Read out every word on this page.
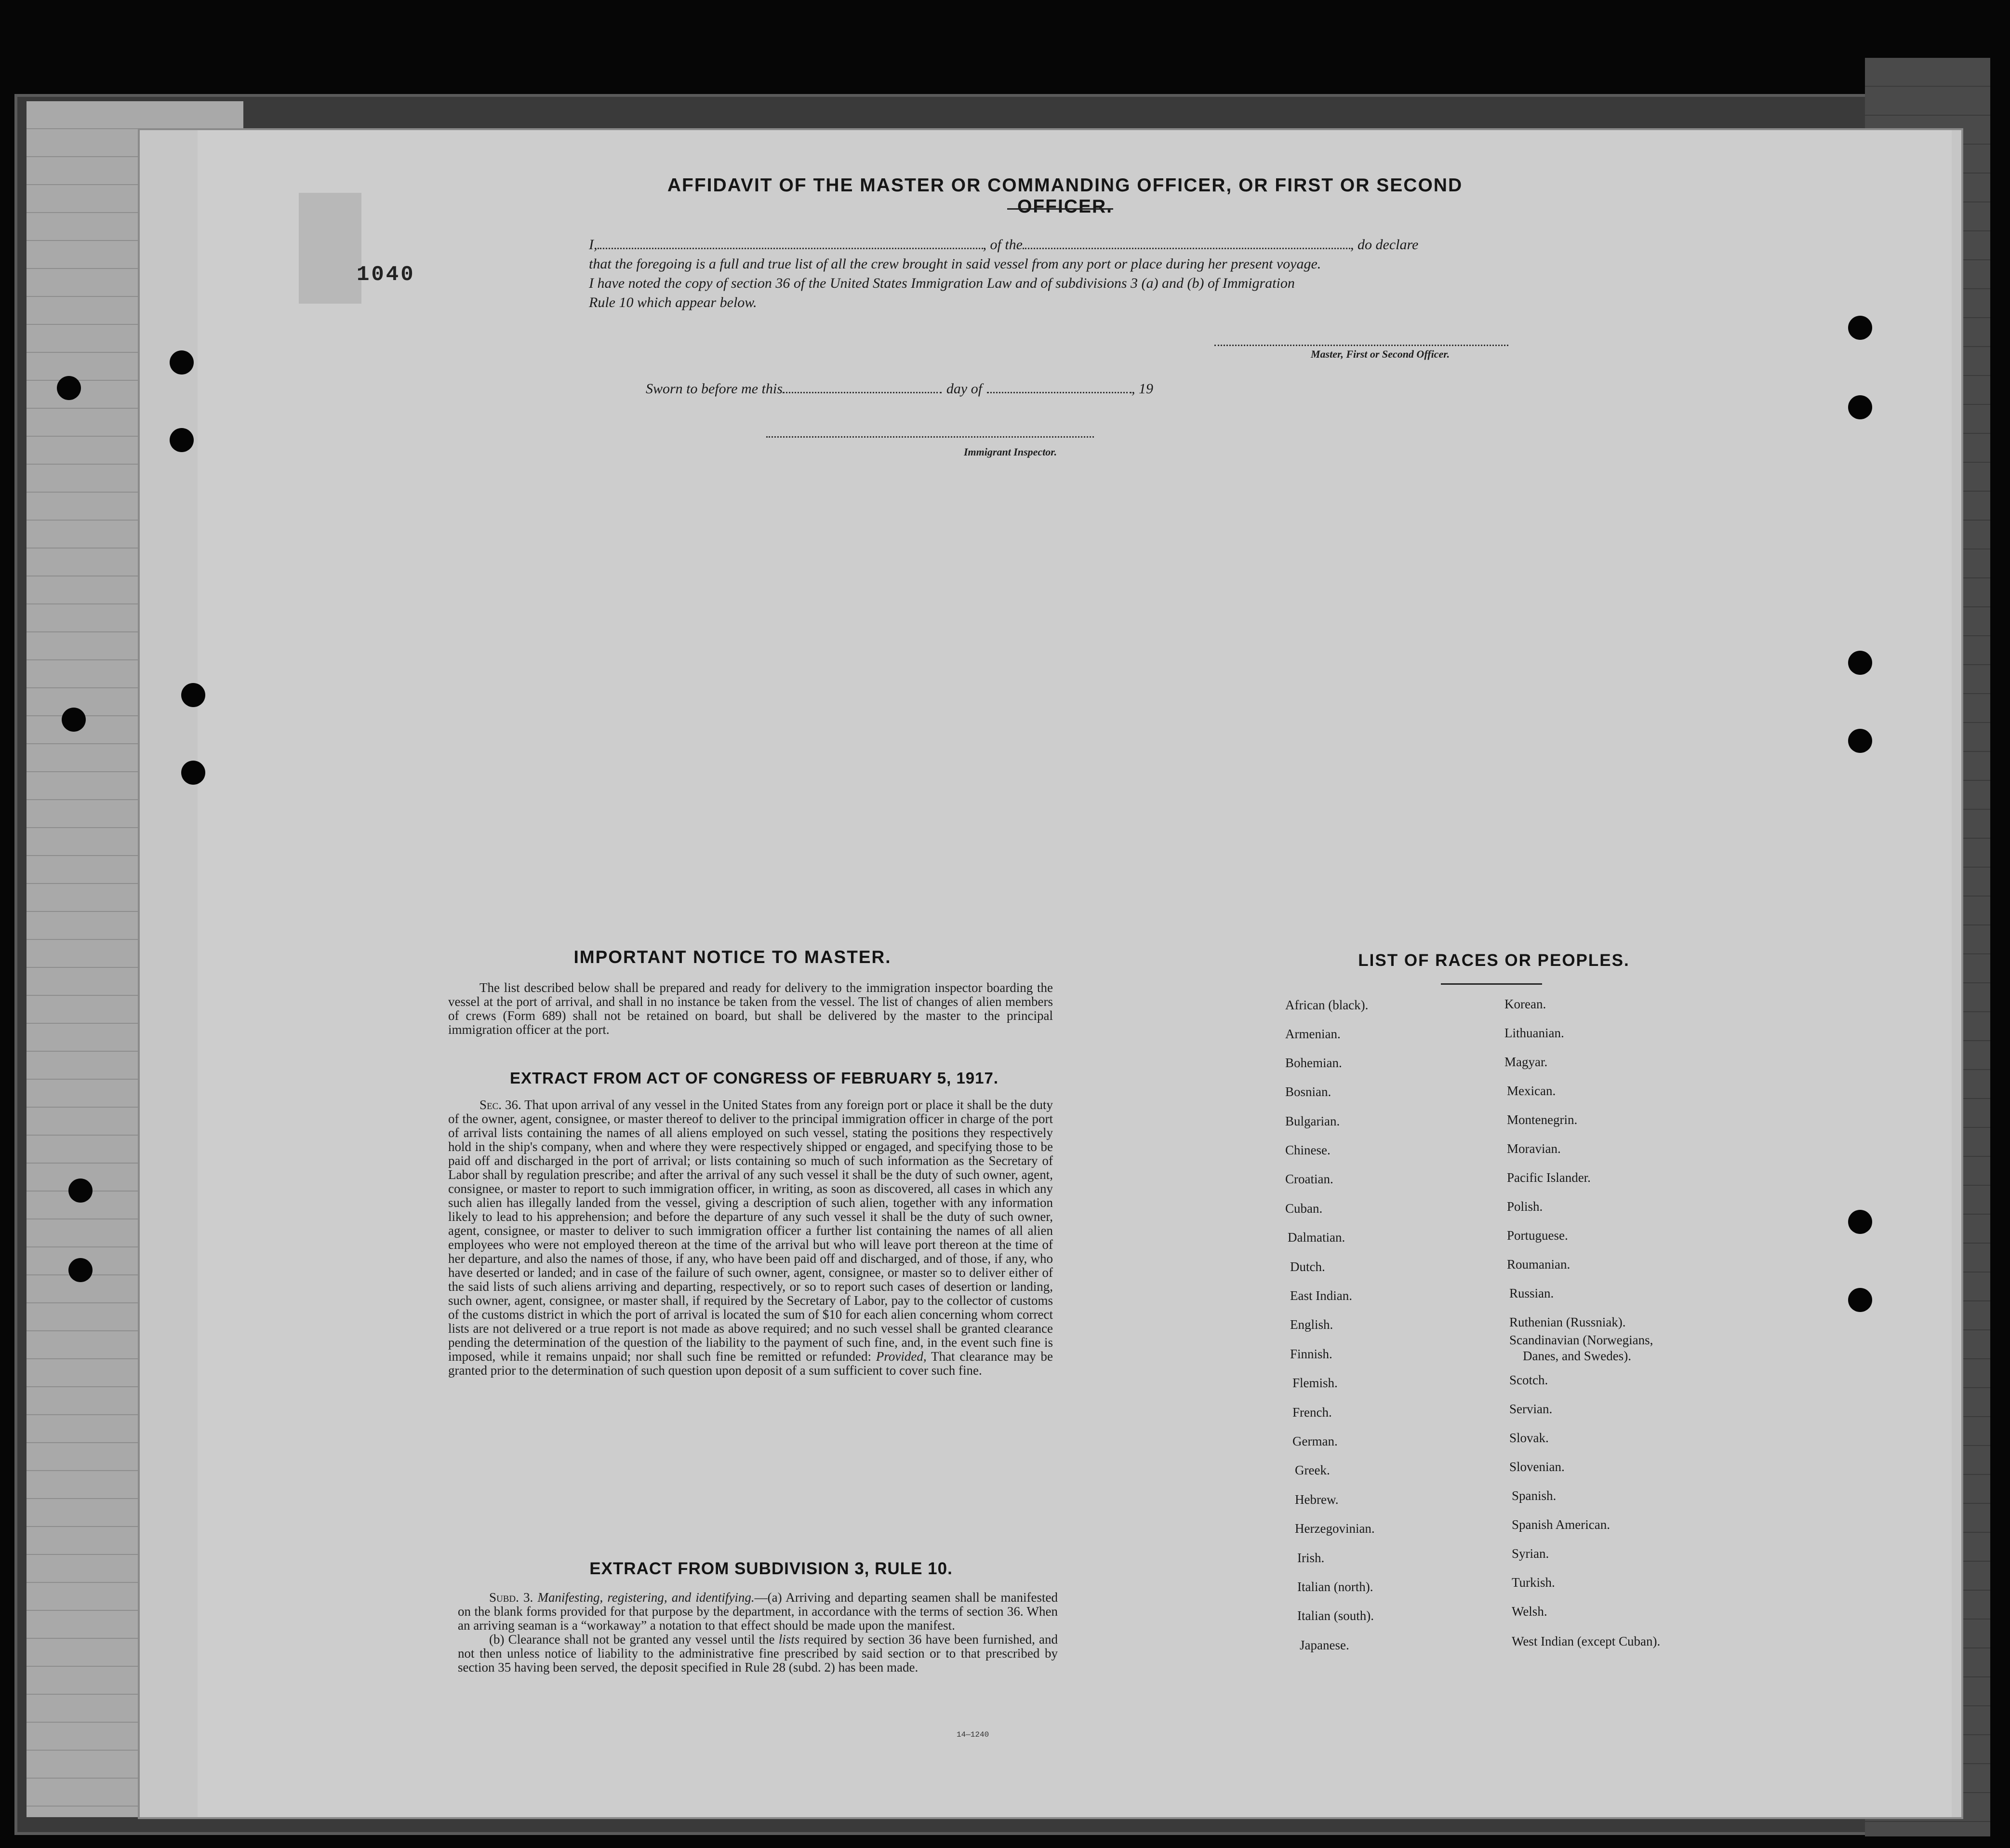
1040
AFFIDAVIT OF THE MASTER OR COMMANDING OFFICER, OR FIRST OR SECOND OFFICER.
I,	, of the	, do declare
that the foregoing is a full and true list of all the crew brought in said vessel from any port or place during her present voyage.
I have noted the copy of section 36 of the United States Immigration Law and of subdivisions 3 (a) and (b) of Immigration
Rule 10 which appear below.
Master, First or Second Officer.
Sworn to before me this	day of	, 19
Immigrant Inspector.
IMPORTANT NOTICE TO MASTER.
The list described below shall be prepared and ready for delivery to the immigration inspector boarding the vessel at the port of arrival, and shall in no instance be taken from the vessel. The list of changes of alien members of crews (Form 689) shall not be retained on board, but shall be delivered by the master to the principal immigration officer at the port.
EXTRACT FROM ACT OF CONGRESS OF FEBRUARY 5, 1917.
Sec. 36. That upon arrival of any vessel in the United States from any foreign port or place it shall be the duty of the owner, agent, consignee, or master thereof to deliver to the principal immigration officer in charge of the port of arrival lists containing the names of all aliens employed on such vessel, stating the positions they respectively hold in the ship's company, when and where they were respectively shipped or engaged, and specifying those to be paid off and discharged in the port of arrival; or lists containing so much of such information as the Secretary of Labor shall by regulation prescribe; and after the arrival of any such vessel it shall be the duty of such owner, agent, consignee, or master to report to such immigration officer, in writing, as soon as discovered, all cases in which any such alien has illegally landed from the vessel, giving a description of such alien, together with any information likely to lead to his apprehension; and before the departure of any such vessel it shall be the duty of such owner, agent, consignee, or master to deliver to such immigration officer a further list containing the names of all alien employees who were not employed thereon at the time of the arrival but who will leave port thereon at the time of her departure, and also the names of those, if any, who have been paid off and discharged, and of those, if any, who have deserted or landed; and in case of the failure of such owner, agent, consignee, or master so to deliver either of the said lists of such aliens arriving and departing, respectively, or so to report such cases of desertion or landing, such owner, agent, consignee, or master shall, if required by the Secretary of Labor, pay to the collector of customs of the customs district in which the port of arrival is located the sum of $10 for each alien concerning whom correct lists are not delivered or a true report is not made as above required; and no such vessel shall be granted clearance pending the determination of the question of the liability to the payment of such fine, and, in the event such fine is imposed, while it remains unpaid; nor shall such fine be remitted or refunded: Provided, That clearance may be granted prior to the determination of such question upon deposit of a sum sufficient to cover such fine.
EXTRACT FROM SUBDIVISION 3, RULE 10.

Subd. 3. Manifesting, registering, and identifying.—(a) Arriving and departing seamen shall be manifested on the blank forms provided for that purpose by the department, in accordance with the terms of section 36. When an arriving seaman is a “workaway” a notation to that effect should be made upon the manifest.

(b) Clearance shall not be granted any vessel until the lists required by section 36 have been furnished, and not then unless notice of liability to the administrative fine prescribed by said section or to that prescribed by section 35 having been served, the deposit specified in Rule 28 (subd. 2) has been made.

14—1240
LIST OF RACES OR PEOPLES.
African (black).
Armenian.
Bohemian.
Bosnian.
Bulgarian.
Chinese.
Croatian.
Cuban.
Dalmatian.
Dutch.
East Indian.
English.
Finnish.
Flemish.
French.
German.
Greek.
Hebrew.
Herzegovinian.
Irish.
Italian (north).
Italian (south).
Japanese.
Korean.
Lithuanian.
Magyar.
Mexican.
Montenegrin.
Moravian.
Pacific Islander.
Polish.
Portuguese.
Roumanian.
Russian.
Ruthenian (Russniak).
Scandinavian (Norwegians,
Danes, and Swedes).
Scotch.
Servian.
Slovak.
Slovenian.
Spanish.
Spanish American.
Syrian.
Turkish.
Welsh.
West Indian (except Cuban).
